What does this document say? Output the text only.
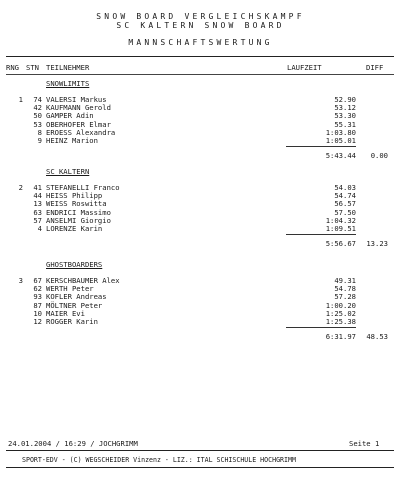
SNOW BOARD VERGLEICHSKAMPF
SC KALTERN SNOW BOARD
MANNSCHAFTSWERTUNG
RNG STN TEILNEHMER	LAUFZEIT	DIFF
SNOWLIMITS
1	74 VALERSI Markus	52.90
42 KAUFMANN Gerold	53.12
50 GAMPER Adin	53.30
53 OBERHOFER Elmar	55.31
8 EROESS Alexandra	1:03.80
9 HEINZ Marion	1:05.01
5:43.44	0.00
SC KALTERN
2	41 STEFANELLI Franco	54.03
44 HEISS Philipp	54.74
13 WEISS Roswitta	56.57
63 ENDRICI Massimo	57.50
57 ANSELMI Giorgio	1:04.32
4 LORENZE Karin	1:09.51
5:56.67	13.23
GHOSTBOARDERS
3	67 KERSCHBAUMER Alex	49.31
62 WERTH Peter	54.78
93 KOFLER Andreas	57.28
87 MÖLTNER Peter	1:00.20
10 MAIER Evi	1:25.02
12 ROGGER Karin	1:25.38
6:31.97	48.53
24.01.2004 / 16:29 / JOCHGRIMM	Seite 1
SPORT-EDV - (C) WEGSCHEIDER Vinzenz - LIZ.: ITAL SCHISCHULE HOCHGRIMM
